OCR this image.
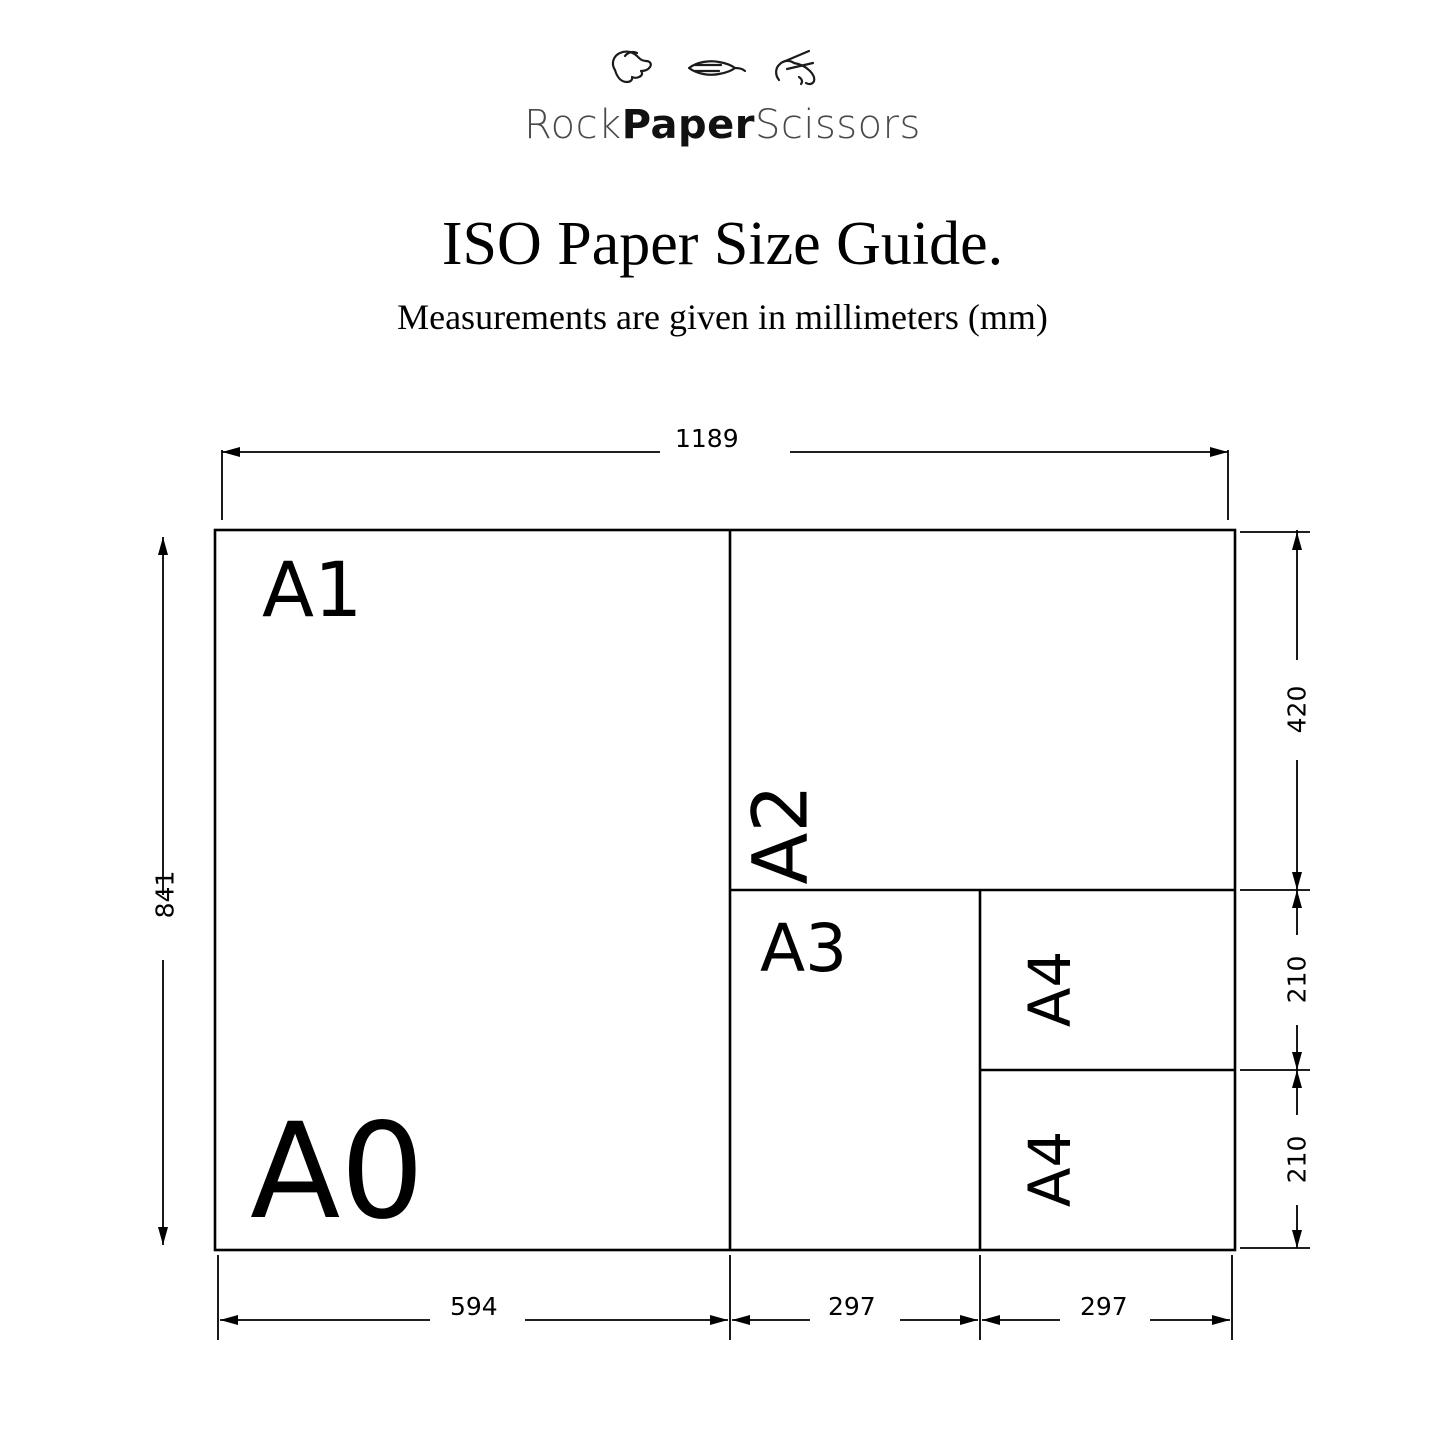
RockPaperScissors
ISO Paper Size Guide.
Measurements are given in millimeters (mm)
A1
A2
A3
A4
A4
A0
1189
841
420
210
210
594	297	297
